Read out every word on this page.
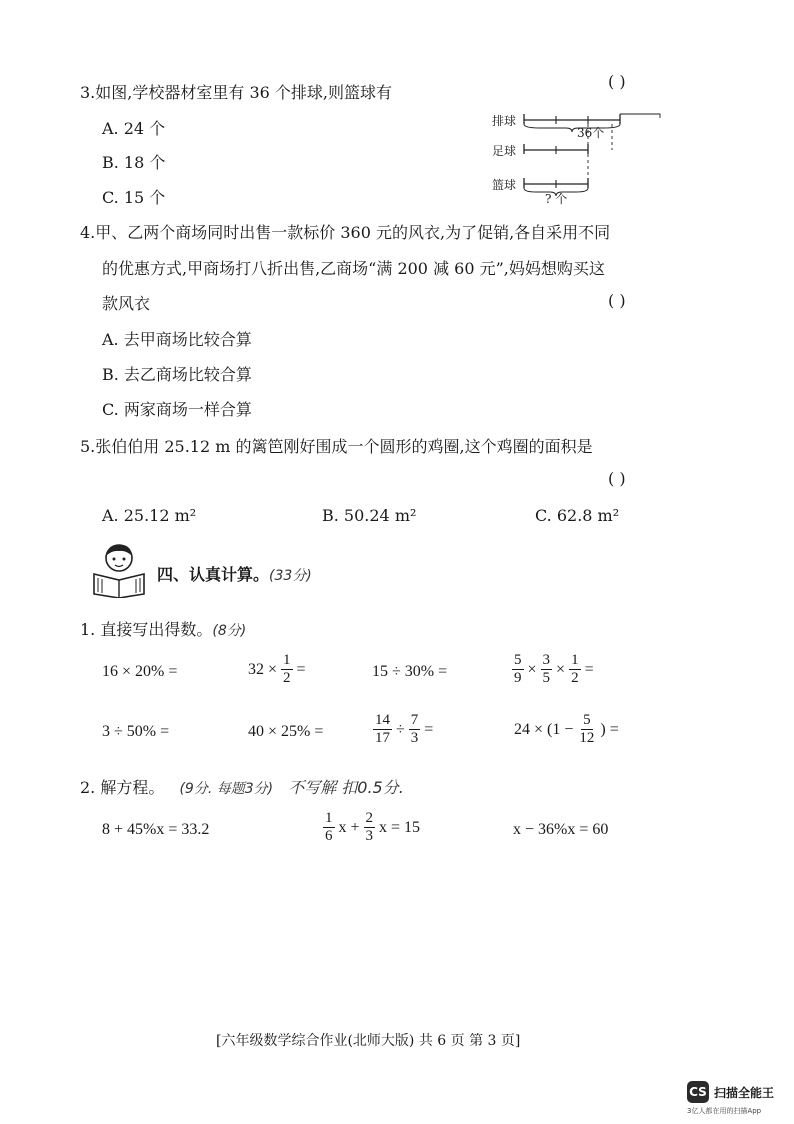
3.如图,学校器材室里有 36 个排球,则篮球有
( )
A. 24 个
B. 18 个
C. 15 个
排球
足球
篮球
36个
? 个
4.甲、乙两个商场同时出售一款标价 360 元的风衣,为了促销,各自采用不同
的优惠方式,甲商场打八折出售,乙商场“满 200 减 60 元”,妈妈想购买这
款风衣	( )
A. 去甲商场比较合算
B. 去乙商场比较合算
C. 两家商场一样合算
5.张伯伯用 25.12 m 的篱笆刚好围成一个圆形的鸡圈,这个鸡圈的面积是
( )
A. 25.12 m²	B. 50.24 m²	C. 62.8 m²
四、认真计算。(33分)
1. 直接写出得数。(8分)
16 × 20% =	$32 \times \frac{1}{2}$ =	15 ÷ 30% =	$\frac{5}{9} \times \frac{3}{5} \times \frac{1}{2}$ =
3 ÷ 50% =	40 × 25% =	$\frac{14}{17} \div \frac{7}{3}$ =	$24 \times (1 - \frac{5}{12}$ ) =
2. 解方程。 (9分. 每题3分) 不写解 扣0.5分.
8 + 45%x = 33.2	$\frac{1}{6}$ $x + \frac{2}{3}$ x = 15	x − 36%x = 60
[六年级数学综合作业(北师大版) 共 6 页 第 3 页]
CS 扫描全能王
3亿人都在用的扫描App
